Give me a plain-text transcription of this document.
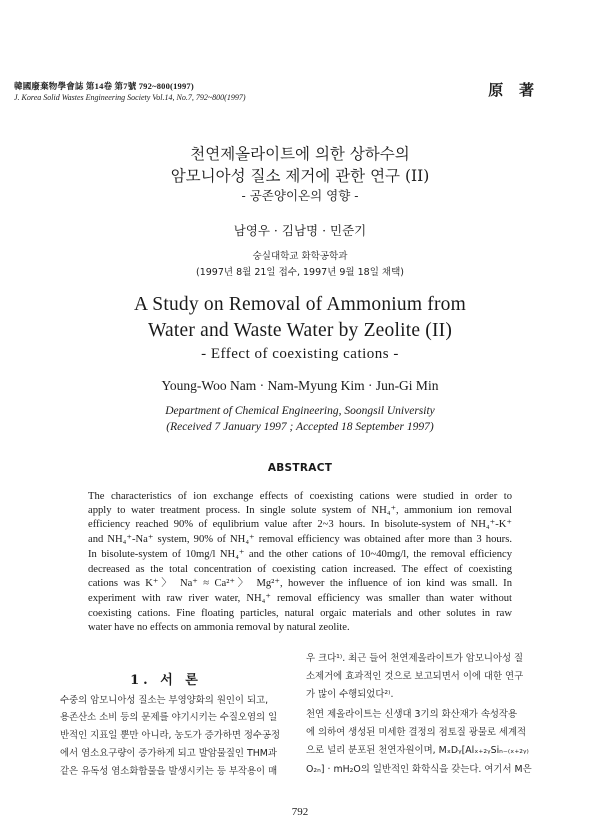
韓國廢棄物學會誌 第14卷 第7號 792~800(1997)
J. Korea Solid Wastes Engineering Society Vol.14, No.7, 792~800(1997)	原 著
천연제올라이트에 의한 상하수의
암모니아성 질소 제거에 관한 연구 (II)
- 공존양이온의 영향 -
남영우 · 김남명 · 민준기
숭실대학교 화학공학과
(1997년 8월 21일 접수, 1997년 9월 18일 채택)
A Study on Removal of Ammonium from
Water and Waste Water by Zeolite (II)
- Effect of coexisting cations -
Young-Woo Nam · Nam-Myung Kim · Jun-Gi Min
Department of Chemical Engineering, Soongsil University
(Received 7 January 1997 ; Accepted 18 September 1997)
ABSTRACT
The characteristics of ion exchange effects of coexisting cations were studied in order to
apply to water treatment process. In single solute system of NH₄⁺, ammonium ion removal
efficiency reached 90% of equlibrium value after 2~3 hours. In bisolute-system of NH₄⁺-K⁺
and NH₄⁺-Na⁺ system, 90% of NH₄⁺ removal efficiency was obtained after more than 3 hours.
In bisolute-system of 10mg/l NH₄⁺ and the other cations of 10~40mg/l, the removal efficiency
decreased as the total concentration of coexisting cation increased. The effect of coexisting
cations was K⁺〉 Na⁺ ≈ Ca²⁺〉 Mg²⁺, however the influence of ion kind was small. In
experiment with raw river water, NH₄⁺ removal efficiency was smaller than water without
coexisting cations. Fine floating particles, natural orgaic materials and other solutes in raw
water have no effects on ammonia removal by natural zeolite.
1. 서 론
수중의 암모니아성 질소는 부영양화의 원인이 되고,
용존산소 소비 등의 문제를 야기시키는 수질오염의 일
반적인 지표일 뿐만 아니라, 농도가 증가하면 정수공정
에서 염소요구량이 증가하게 되고 발암물질인 THM과
같은 유독성 염소화합물을 발생시키는 등 부작용이 매
우 크다¹⁾. 최근 들어 천연제올라이트가 암모니아성 질
소제거에 효과적인 것으로 보고되면서 이에 대한 연구
가 많이 수행되었다²⁾.
천연 제올라이트는 신생대 3기의 화산재가 속성작용
에 의하여 생성된 미세한 결정의 점토질 광물로 세계적
으로 널리 분포된 천연자원이며, MₓDᵧ[Alₓ₊₂ᵧSiₙ₋₍ₓ₊₂ᵧ₎
O₂ₙ] · mH₂O의 일반적인 화학식을 갖는다. 여기서 M은
792
